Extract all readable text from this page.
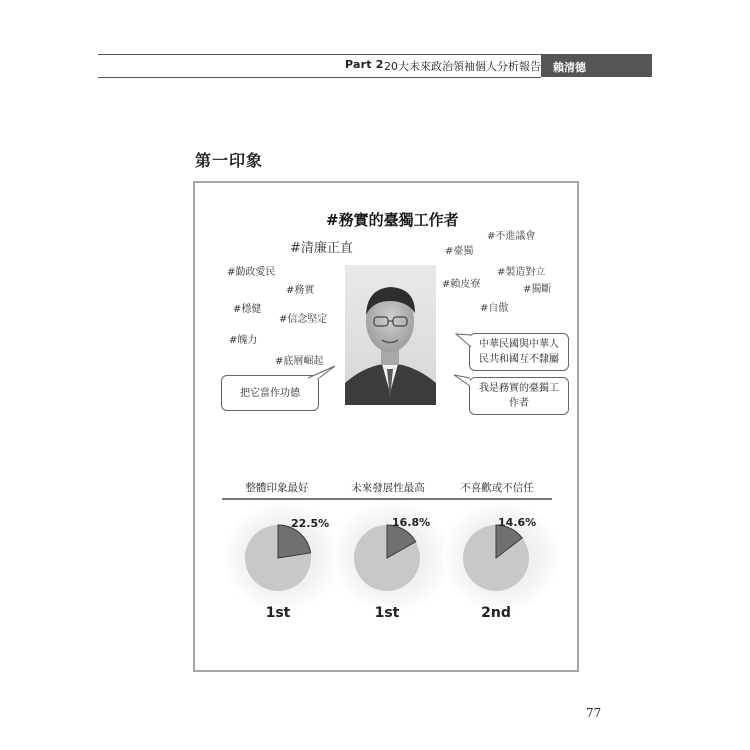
Part 2 20大未來政治領袖個人分析報告	賴清德
第一印象
#務實的臺獨工作者
#清廉正直
#勤政愛民
#務實
#穩健
#信念堅定
#魄力
#底層崛起
#不進議會
#臺獨
#製造對立
#賴皮寮	#獨斷
#自傲
把它當作功德
中華民國與中華人
民共和國互不隸屬
我是務實的臺獨工
作者
整體印象最好	未來發展性最高	不喜歡或不信任
22.5%	16.8%	14.6%
1st	1st	2nd
77
